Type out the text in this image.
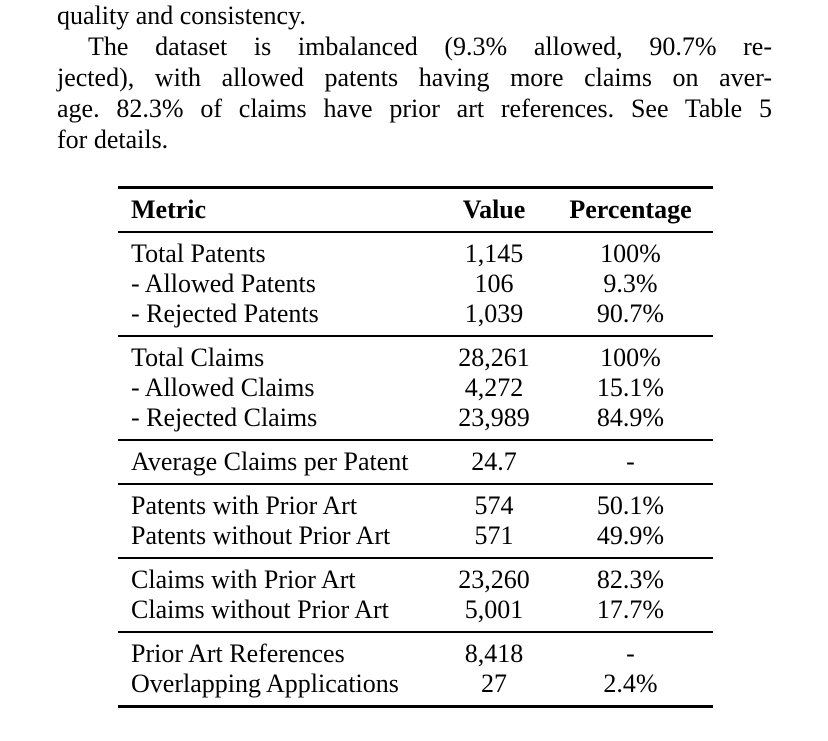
quality and consistency.
The dataset is imbalanced (9.3% allowed, 90.7% re-
jected), with allowed patents having more claims on aver-
age. 82.3% of claims have prior art references. See Table 5
for details.
Metric	Value	Percentage
Total Patents	1,145	100%
- Allowed Patents	106	9.3%
- Rejected Patents	1,039	90.7%
Total Claims	28,261	100%
- Allowed Claims	4,272	15.1%
- Rejected Claims	23,989	84.9%
Average Claims per Patent	24.7	-
Patents with Prior Art	574	50.1%
Patents without Prior Art	571	49.9%
Claims with Prior Art	23,260	82.3%
Claims without Prior Art	5,001	17.7%
Prior Art References	8,418	-
Overlapping Applications	27	2.4%
